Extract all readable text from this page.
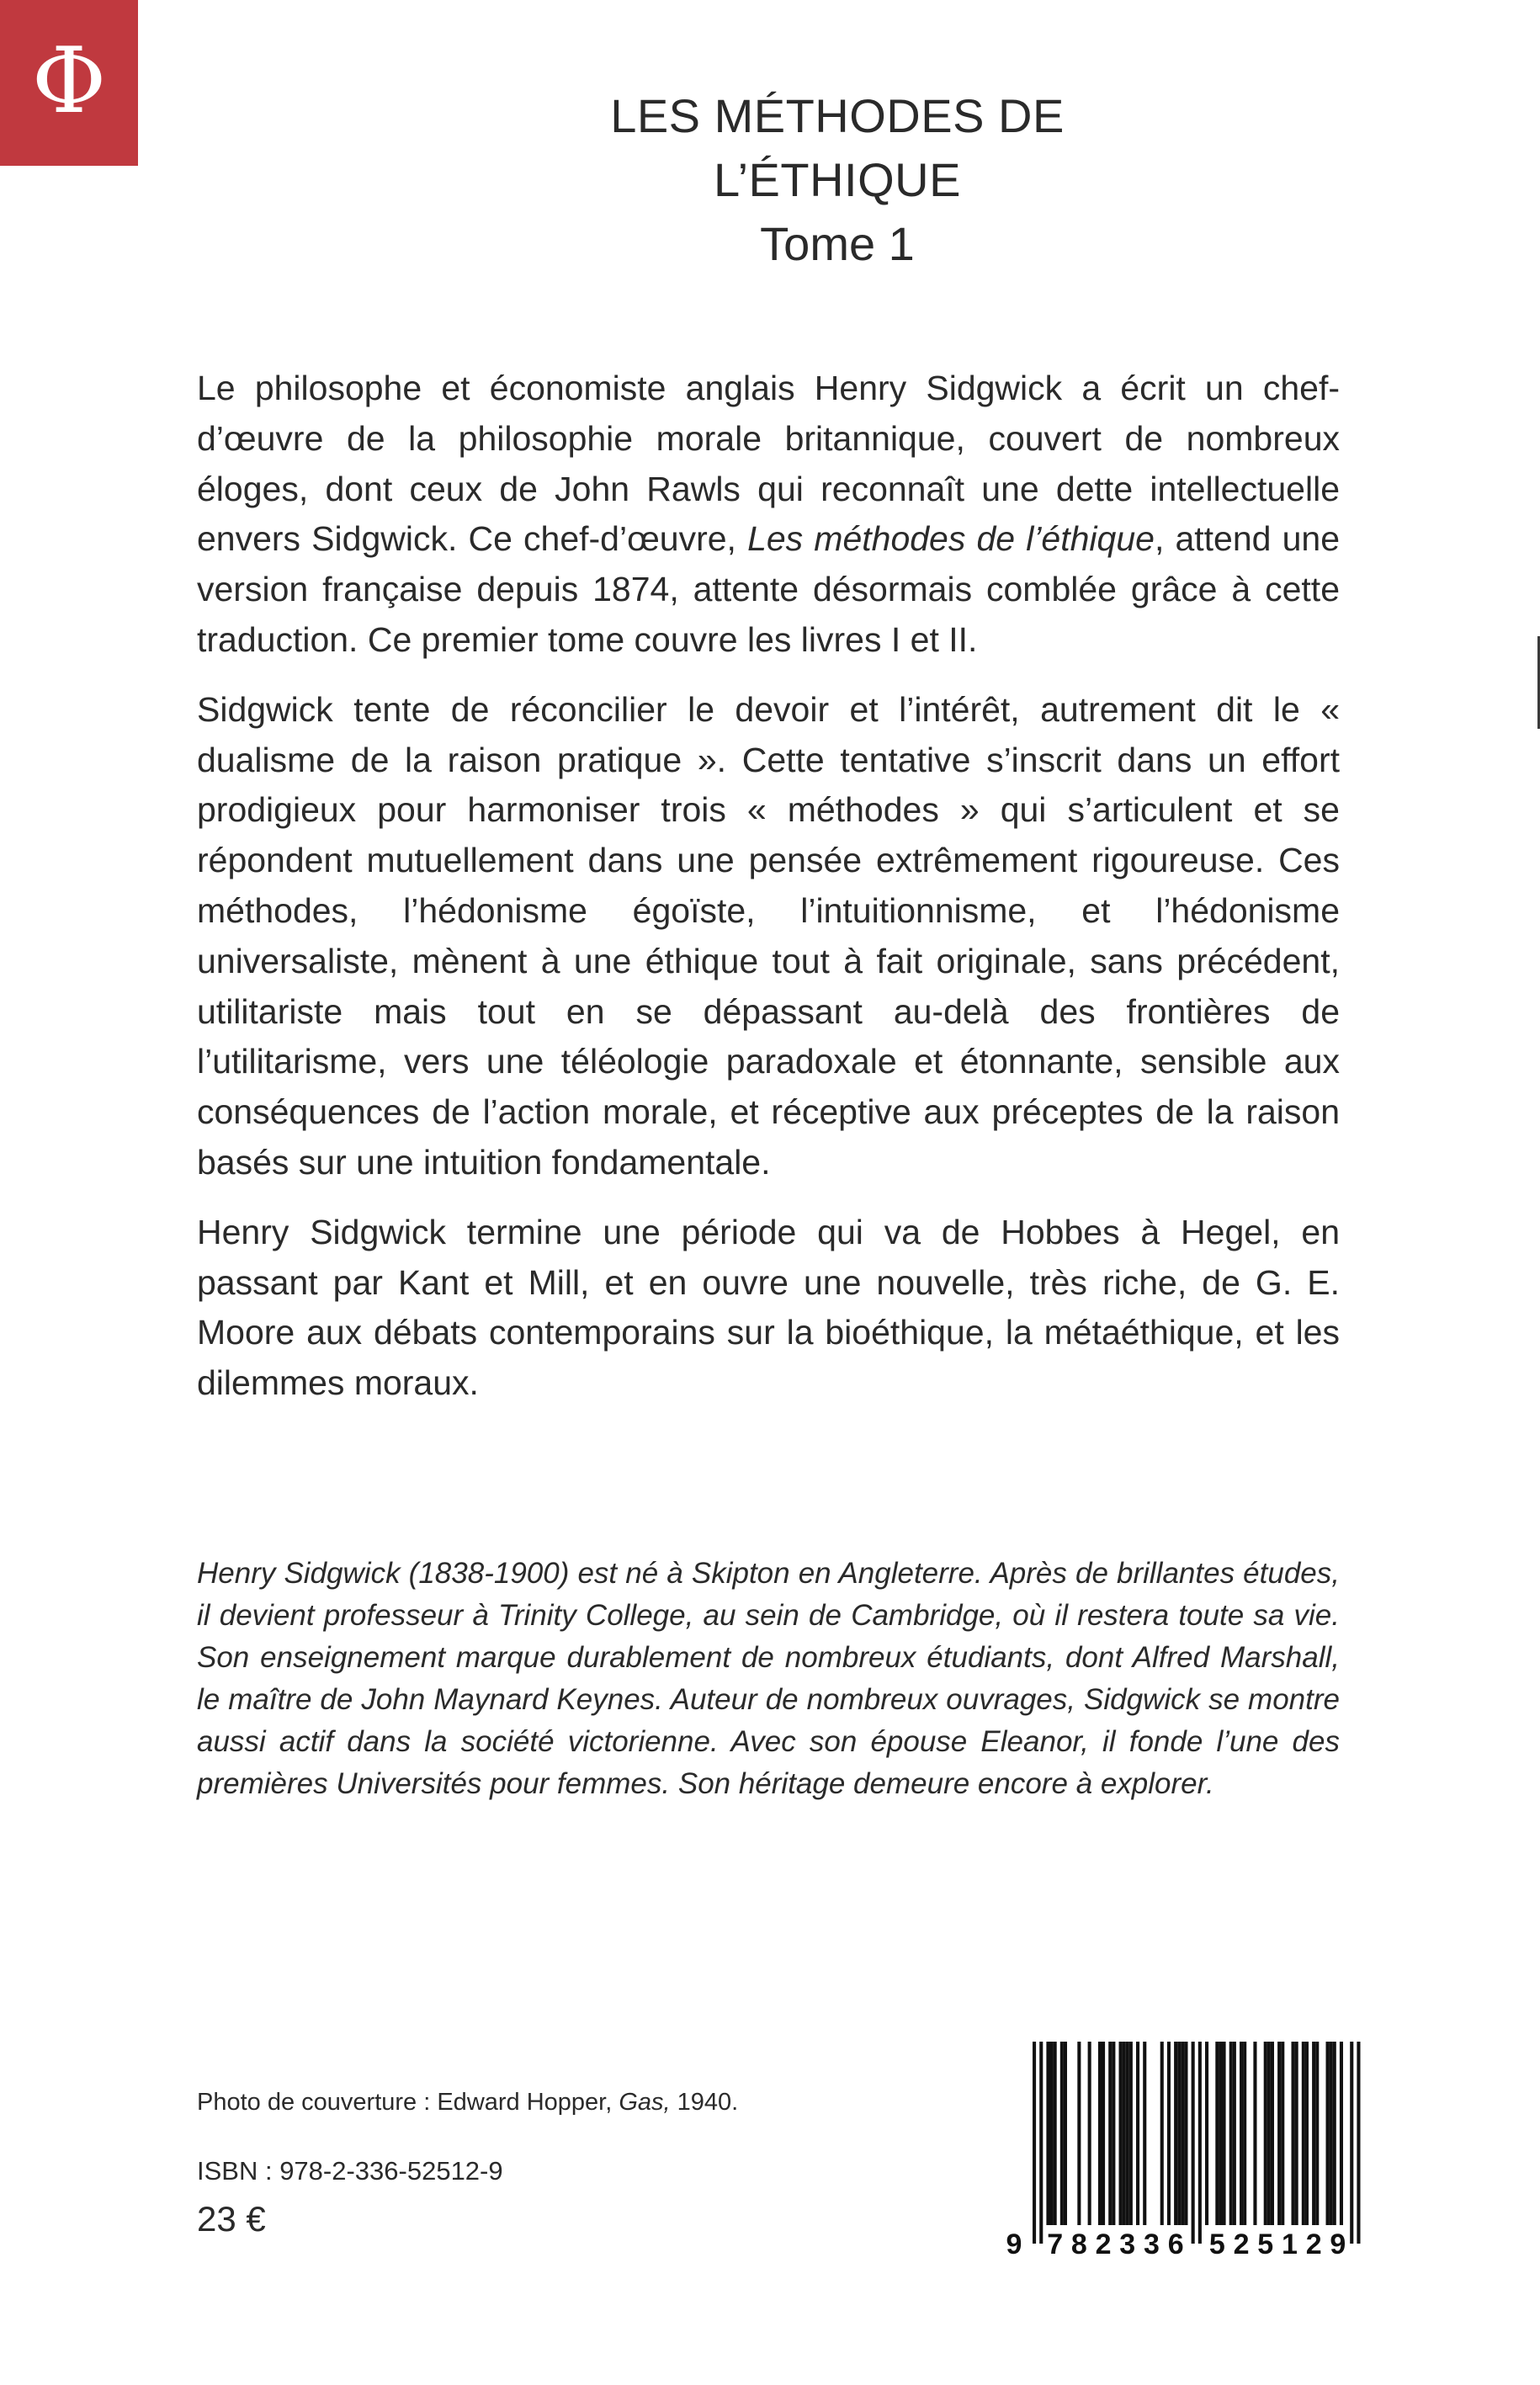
Φ	LES MÉTHODES DE L’ÉTHIQUE
Tome 1

Le philosophe et économiste anglais Henry Sidgwick a écrit un chef-d’œuvre de la philosophie morale britannique, couvert de nombreux éloges, dont ceux de John Rawls qui reconnaît une dette intellectuelle envers Sidgwick. Ce chef-d’œuvre, Les méthodes de l’éthique, attend une version française depuis 1874, attente désormais comblée grâce à cette traduction. Ce premier tome couvre les livres I et II.

Sidgwick tente de réconcilier le devoir et l’intérêt, autrement dit le « dualisme de la raison pratique ». Cette tentative s’inscrit dans un effort prodigieux pour harmoniser trois « méthodes » qui s’articulent et se répondent mutuellement dans une pensée extrêmement rigoureuse. Ces méthodes, l’hédonisme égoïste, l’intuitionnisme, et l’hédonisme universaliste, mènent à une éthique tout à fait originale, sans précédent, utilitariste mais tout en se dépassant au-delà des frontières de l’utilitarisme, vers une téléologie paradoxale et étonnante, sensible aux conséquences de l’action morale, et réceptive aux préceptes de la raison basés sur une intuition fondamentale.

Henry Sidgwick termine une période qui va de Hobbes à Hegel, en passant par Kant et Mill, et en ouvre une nouvelle, très riche, de G. E. Moore aux débats contemporains sur la bioéthique, la métaéthique, et les dilemmes moraux.

Henry Sidgwick (1838-1900) est né à Skipton en Angleterre. Après de brillantes études, il devient professeur à Trinity College, au sein de Cambridge, où il restera toute sa vie. Son enseignement marque durablement de nombreux étudiants, dont Alfred Marshall, le maître de John Maynard Keynes. Auteur de nombreux ouvrages, Sidgwick se montre aussi actif dans la société victorienne. Avec son épouse Eleanor, il fonde l’une des premières Universités pour femmes. Son héritage demeure encore à explorer.

Photo de couverture : Edward Hopper, Gas, 1940.
ISBN : 978-2-336-52512-9
23 €
9 7 8 2 3 3 6 5 2 5 1 2 9
